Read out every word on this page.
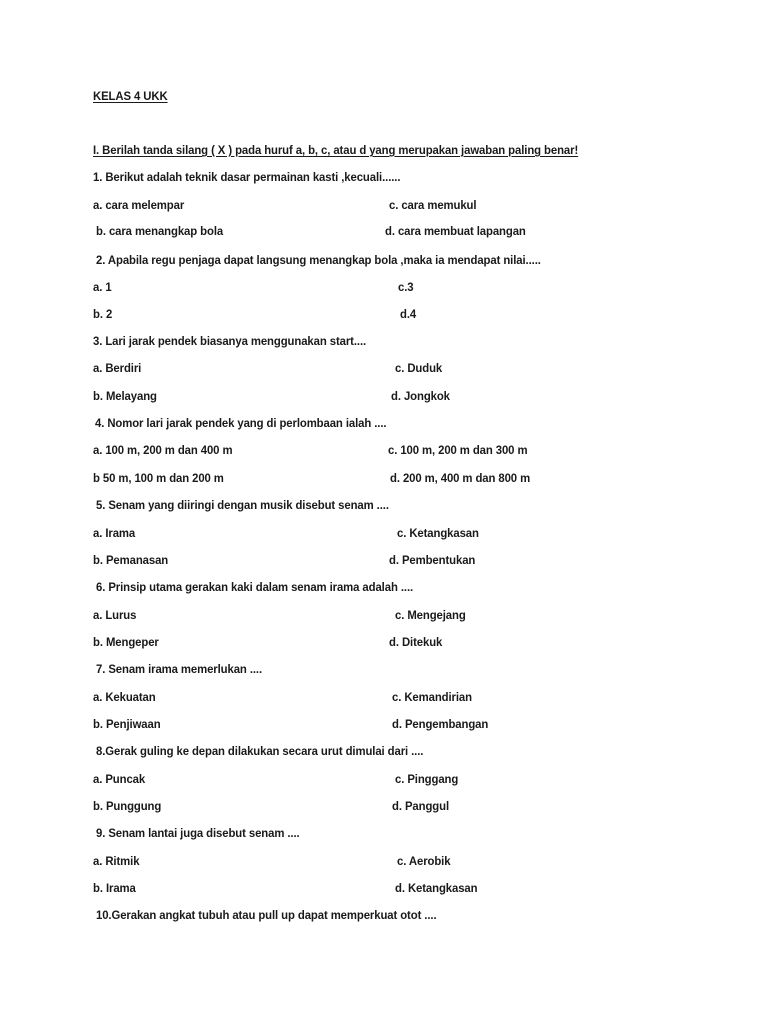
KELAS 4 UKK
I. Berilah tanda silang ( X ) pada huruf a, b, c, atau d yang merupakan jawaban paling benar!
1. Berikut adalah teknik dasar permainan kasti ,kecuali......
a. cara melempar	c. cara memukul
b. cara menangkap bola	d. cara membuat lapangan
2. Apabila regu penjaga dapat langsung menangkap bola ,maka ia mendapat nilai.....
a. 1	c.3
b. 2	d.4
3. Lari jarak pendek biasanya menggunakan start....
a. Berdiri	c. Duduk
b. Melayang	d. Jongkok
4. Nomor lari jarak pendek yang di perlombaan ialah ....
a. 100 m, 200 m dan 400 m	c. 100 m, 200 m dan 300 m
b 50 m, 100 m dan 200 m	d. 200 m, 400 m dan 800 m
5. Senam yang diiringi dengan musik disebut senam ....
a. Irama	c. Ketangkasan
b. Pemanasan	d. Pembentukan
6. Prinsip utama gerakan kaki dalam senam irama adalah ....
a. Lurus	c. Mengejang
b. Mengeper	d. Ditekuk
7. Senam irama memerlukan ....
a. Kekuatan	c. Kemandirian
b. Penjiwaan	d. Pengembangan
8.Gerak guling ke depan dilakukan secara urut dimulai dari ....
a. Puncak	c. Pinggang
b. Punggung	d. Panggul
9. Senam lantai juga disebut senam ....
a. Ritmik	c. Aerobik
b. Irama	d. Ketangkasan
10.Gerakan angkat tubuh atau pull up dapat memperkuat otot ....
